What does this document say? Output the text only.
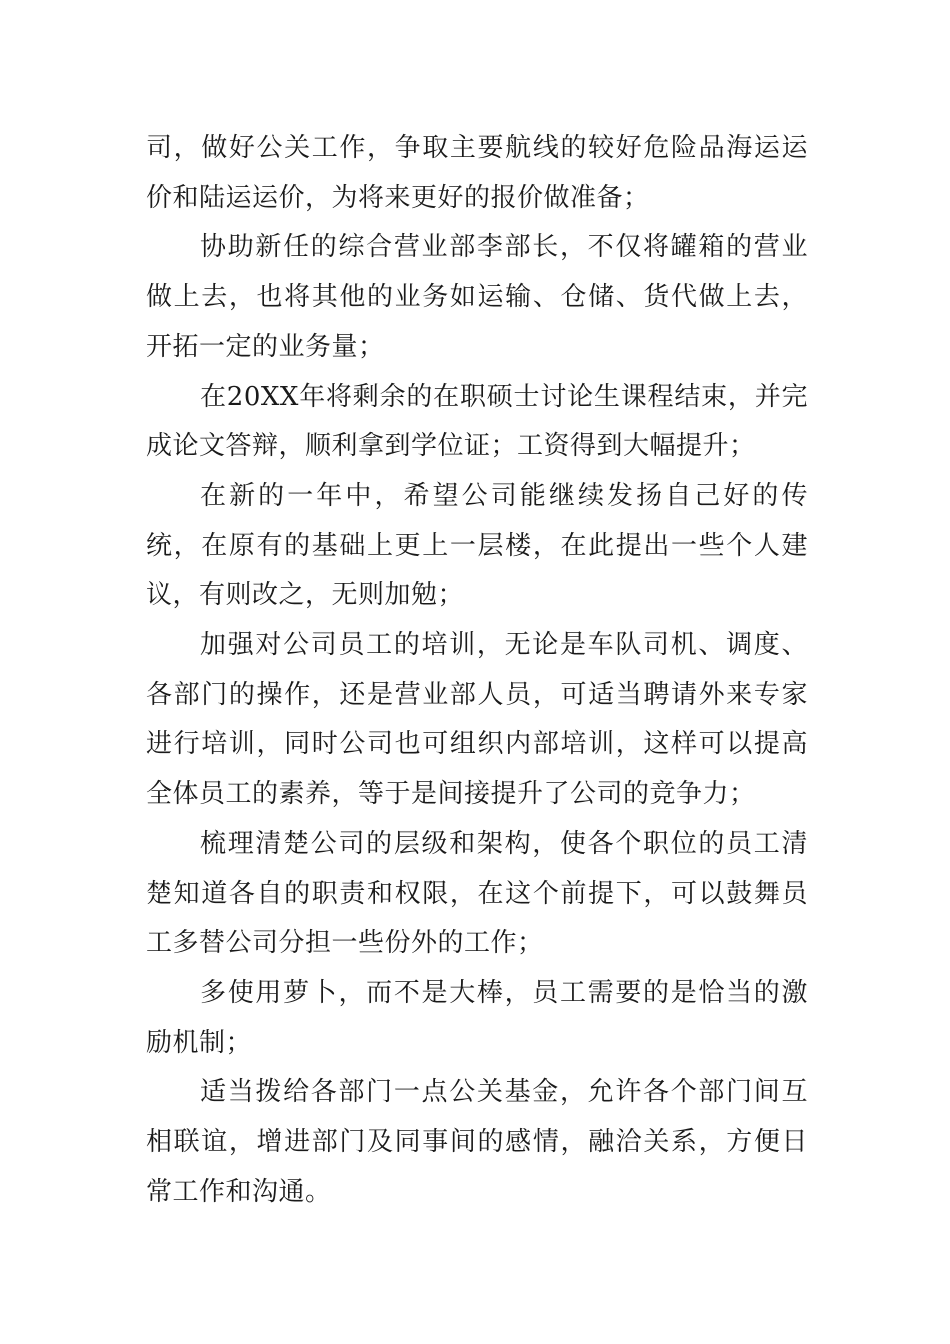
司，做好公关工作，争取主要航线的较好危险品海运运价和陆运运价，为将来更好的报价做准备；

协助新任的综合营业部李部长，不仅将罐箱的营业做上去，也将其他的业务如运输、仓储、货代做上去，开拓一定的业务量；

在20XX年将剩余的在职硕士讨论生课程结束，并完成论文答辩，顺利拿到学位证；工资得到大幅提升；

在新的一年中，希望公司能继续发扬自己好的传统，在原有的基础上更上一层楼，在此提出一些个人建议，有则改之，无则加勉；

加强对公司员工的培训，无论是车队司机、调度、各部门的操作，还是营业部人员，可适当聘请外来专家进行培训，同时公司也可组织内部培训，这样可以提高全体员工的素养，等于是间接提升了公司的竞争力；

梳理清楚公司的层级和架构，使各个职位的员工清楚知道各自的职责和权限，在这个前提下，可以鼓舞员工多替公司分担一些份外的工作；

多使用萝卜，而不是大棒，员工需要的是恰当的激励机制；

适当拨给各部门一点公关基金，允许各个部门间互相联谊，增进部门及同事间的感情，融洽关系，方便日常工作和沟通。
